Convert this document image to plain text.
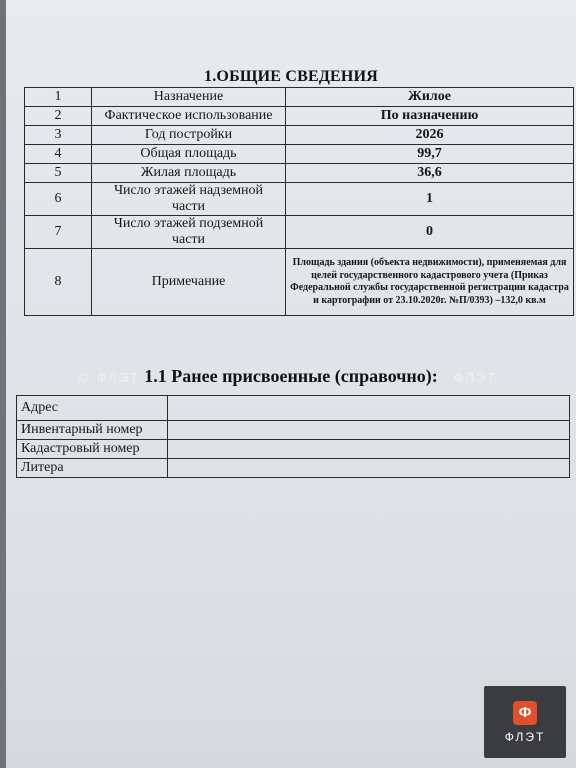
1.ОБЩИЕ СВЕДЕНИЯ
1	Назначение	Жилое
2	Фактическое использование	По назначению
3	Год постройки	2026
4	Общая площадь	99,7
5	Жилая площадь	36,6
6	Число этажей надземной части	1
7	Число этажей подземной части	0
8	Примечание	Площадь здания (объекта недвижимости), применяемая для целей государственного кадастрового учета (Приказ Федеральной службы государственной регистрации кадастра и картографии от 23.10.2020г. №П/0393) –132,0 кв.м
⊙ ФЛЭТ	ФЛЭТ
1.1 Ранее присвоенные (справочно):
Адрес	
Инвентарный номер	
Кадастровый номер	
Литера	
Ф
ФЛЭТ
